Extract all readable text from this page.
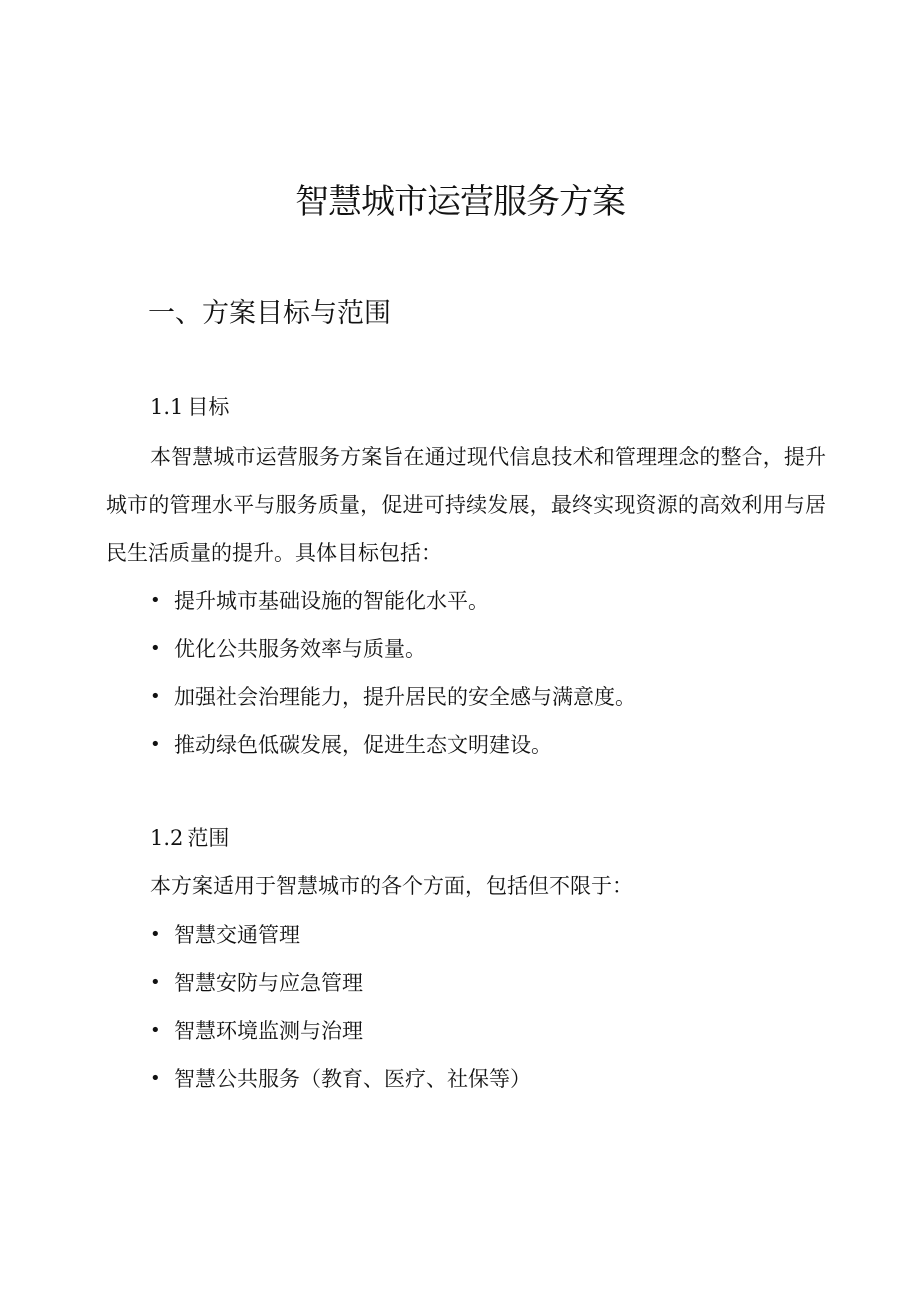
智慧城市运营服务方案
一、方案目标与范围
1.1 目标

本智慧城市运营服务方案旨在通过现代信息技术和管理理念的整合，提升城市的管理水平与服务质量，促进可持续发展，最终实现资源的高效利用与居民生活质量的提升。具体目标包括：

• 提升城市基础设施的智能化水平。
• 优化公共服务效率与质量。
• 加强社会治理能力，提升居民的安全感与满意度。
• 推动绿色低碳发展，促进生态文明建设。
1.2 范围

本方案适用于智慧城市的各个方面，包括但不限于：

• 智慧交通管理
• 智慧安防与应急管理
• 智慧环境监测与治理
• 智慧公共服务（教育、医疗、社保等）
